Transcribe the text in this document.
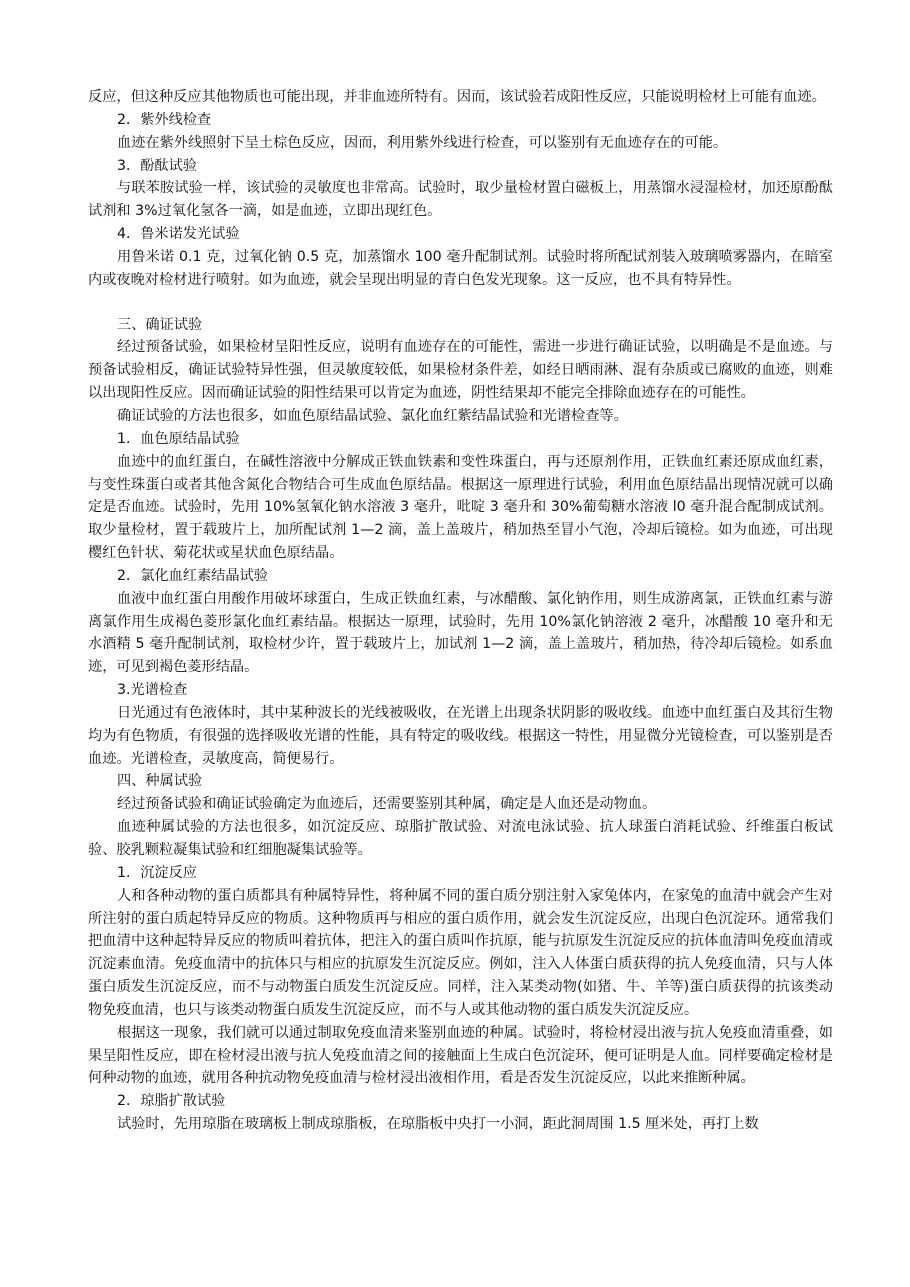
反应，但这种反应其他物质也可能出现，并非血迹所特有。因而，该试验若成阳性反应，只能说明检材上可能有血迹。
2．紫外线检查
血迹在紫外线照射下呈土棕色反应，因而，利用紫外线进行检查，可以鉴别有无血迹存在的可能。
3．酚酞试验
与联苯胺试验一样，该试验的灵敏度也非常高。试验时，取少量检材置白磁板上，用蒸馏水浸湿检材，加还原酚酞试剂和 3%过氧化氢各一滴，如是血迹，立即出现红色。
4．鲁米诺发光试验
用鲁米诺 0.1 克，过氧化钠 0.5 克，加蒸馏水 100 毫升配制试剂。试验时将所配试剂装入玻璃喷雾器内，在暗室内或夜晚对检材进行喷射。如为血迹，就会呈现出明显的青白色发光现象。这一反应，也不具有特异性。
三、确证试验
经过预备试验，如果检材呈阳性反应，说明有血迹存在的可能性，需进一步进行确证试验，以明确是不是血迹。与预备试验相反，确证试验特异性强，但灵敏度较低，如果检材条件差，如经日晒雨淋、混有杂质或已腐败的血迹，则难以出现阳性反应。因而确证试验的阳性结果可以肯定为血迹，阴性结果却不能完全排除血迹存在的可能性。
确证试验的方法也很多，如血色原结晶试验、氯化血红紫结晶试验和光谱检查等。
1．血色原结晶试验
血迹中的血红蛋白，在碱性溶液中分解成正铁血铁素和变性珠蛋白，再与还原剂作用，正铁血红素还原成血红素，与变性珠蛋白或者其他含氮化合物结合可生成血色原结晶。根据这一原理进行试验，利用血色原结晶出现情况就可以确定是否血迹。试验时，先用 10%氢氧化钠水溶液 3 毫升，吡啶 3 毫升和 30%葡萄糖水溶液 l0 毫升混合配制成试剂。取少量检材，置于载玻片上，加所配试剂 1—2 滴，盖上盖玻片，稍加热至冒小气泡，冷却后镜检。如为血迹，可出现樱红色针状、菊花状或星状血色原结晶。
2．氯化血红素结晶试验
血液中血红蛋白用酸作用破坏球蛋白，生成正铁血红素，与冰醋酸、氯化钠作用，则生成游离氯，正铁血红素与游离氯作用生成褐色菱形氯化血红素结晶。根据达一原理，试验时，先用 10%氯化钠溶液 2 毫升，冰醋酸 10 毫升和无水酒精 5 毫升配制试剂，取检材少许，置于载玻片上，加试剂 1—2 滴，盖上盖玻片，稍加热，待冷却后镜检。如系血迹，可见到褐色菱形结晶。
3.光谱检查
日光通过有色液体时，其中某种波长的光线被吸收，在光谱上出现条状阴影的吸收线。血迹中血红蛋白及其衍生物均为有色物质，有很强的选择吸收光谱的性能，具有特定的吸收线。根据这一特性，用显微分光镜检查，可以鉴别是否血迹。光谱检查，灵敏度高，简便易行。
四、种属试验
经过预备试验和确证试验确定为血迹后，还需要鉴别其种属，确定是人血还是动物血。
血迹种属试验的方法也很多，如沉淀反应、琼脂扩散试验、对流电泳试验、抗人球蛋白消耗试验、纤维蛋白板试验、胶乳颗粒凝集试验和红细胞凝集试验等。
1．沉淀反应
人和各种动物的蛋白质都具有种属特异性，将种属不同的蛋白质分别注射入家兔体内，在家兔的血清中就会产生对所注射的蛋白质起特异反应的物质。这种物质再与相应的蛋白质作用，就会发生沉淀反应，出现白色沉淀环。通常我们把血清中这种起特异反应的物质叫着抗体，把注入的蛋白质叫作抗原，能与抗原发生沉淀反应的抗体血清叫免疫血清或沉淀素血清。免疫血清中的抗体只与相应的抗原发生沉淀反应。例如，注入人体蛋白质获得的抗人免疫血清，只与人体蛋白质发生沉淀反应，而不与动物蛋白质发生沉淀反应。同样，注入某类动物(如猪、牛、羊等)蛋白质获得的抗该类动物免疫血清，也只与该类动物蛋白质发生沉淀反应，而不与人或其他动物的蛋白质发失沉淀反应。
根据这一现象，我们就可以通过制取免疫血清来鉴别血迹的种属。试验时，将检材浸出液与抗人免疫血清重叠，如果呈阳性反应，即在检材浸出液与抗人免疫血清之间的接触面上生成白色沉淀环，便可证明是人血。同样要确定检材是何种动物的血迹，就用各种抗动物免疫血清与检材浸出液相作用，看是否发生沉淀反应，以此来推断种属。
2．琼脂扩散试验
试验时，先用琼脂在玻璃板上制成琼脂板，在琼脂板中央打一小洞，距此洞周围 1.5 厘米处，再打上数
